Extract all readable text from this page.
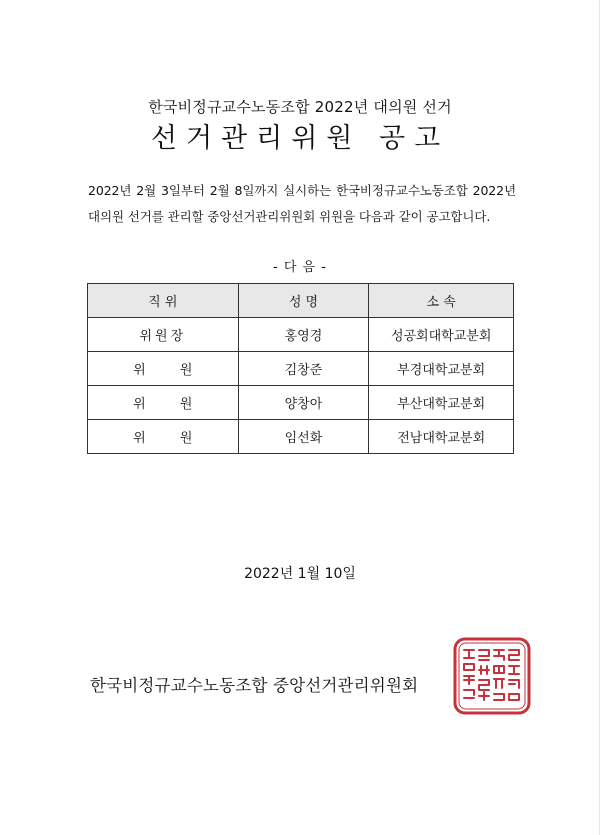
한국비정규교수노동조합 2022년 대의원 선거
선거관리위원 공고
2022년 2월 3일부터 2월 8일까지 실시하는 한국비정규교수노동조합 2022년 대의원 선거를 관리할 중앙선거관리위원회 위원을 다음과 같이 공고합니다.
- 다 음 -
직 위	성 명	소 속
위원장	홍영경	성공회대학교분회
위 원	김창준	부경대학교분회
위 원	양창아	부산대학교분회
위 원	임선화	전남대학교분회
2022년 1월 10일
한국비정규교수노동조합 중앙선거관리위원회
